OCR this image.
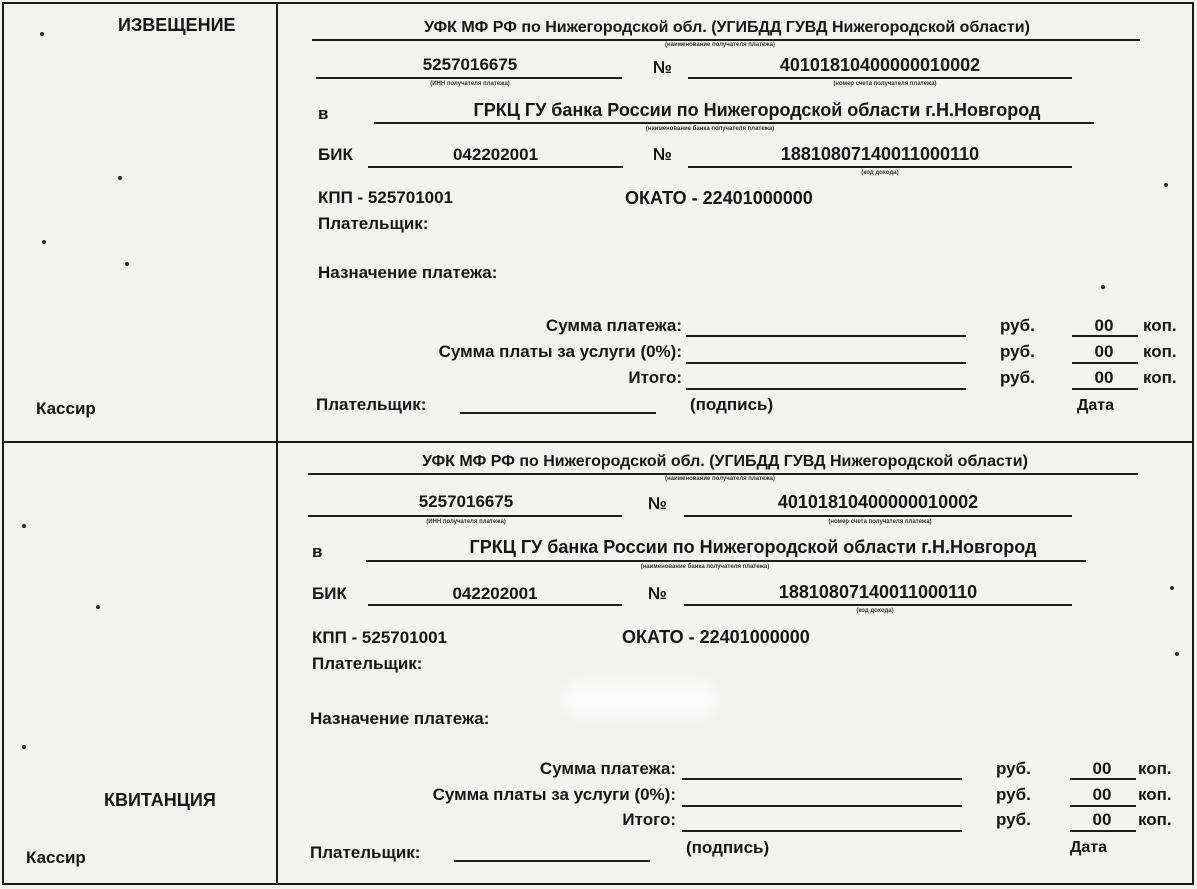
ИЗВЕЩЕНИЕ
Кассир
КВИТАНЦИЯ
Кассир
УФК МФ РФ по Нижегородской обл. (УГИБДД ГУВД Нижегородской области)
(наименование получателя платежа)
5257016675
(ИНН получателя платежа)
№	40101810400000010002
(номер счета получателя платежа)
в	ГРКЦ ГУ банка России по Нижегородской области г.Н.Новгород
(наименование банка получателя платежа)
БИК	042202001	№	18810807140011000110
(код дохода)
КПП - 525701001	ОКАТО - 22401000000
Плательщик:
Назначение платежа:
Сумма платежа:	руб.	00	коп.
Сумма платы за услуги (0%):	руб.	00	коп.
Итого:	руб.	00	коп.
Плательщик:	(подпись)	Дата
УФК МФ РФ по Нижегородской обл. (УГИБДД ГУВД Нижегородской области)
(наименование получателя платежа)
5257016675
(ИНН получателя платежа)
№	40101810400000010002
(номер счета получателя платежа)
в	ГРКЦ ГУ банка России по Нижегородской области г.Н.Новгород
(наименование банка получателя платежа)
БИК	042202001	№	18810807140011000110
(код дохода)
КПП - 525701001	ОКАТО - 22401000000
Плательщик:
Назначение платежа:
Сумма платежа:	руб.	00	коп.
Сумма платы за услуги (0%):	руб.	00	коп.
Итого:	руб.	00	коп.
Плательщик:	(подпись)	Дата
